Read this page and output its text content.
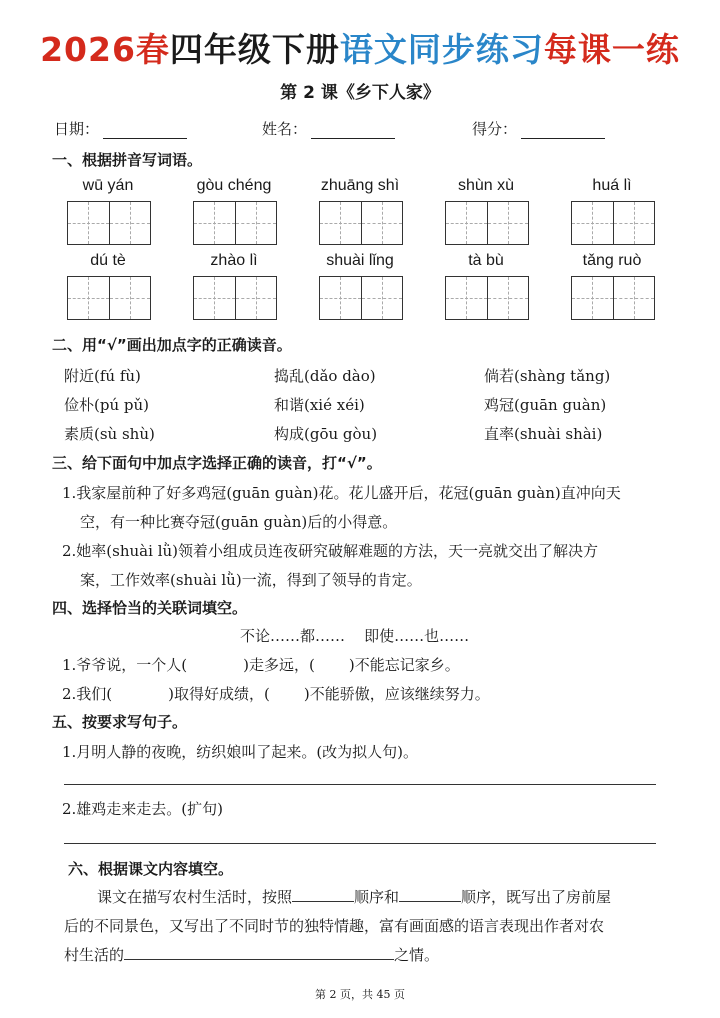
2026春四年级下册语文同步练习每课一练
第 2 课《乡下人家》
日期：	姓名：	得分：
一、根据拼音写词语。
wū yán	gòu chéng	zhuāng shì	shùn xù	huá lì
dú tè	zhào lì	shuài lǐng	tà bù	tǎng ruò
二、用“√”画出加点字的正确读音。
附近(fú fù)	捣乱(dǎo dào)	倘若(shàng tǎng)
俭朴(pú pǔ)	和谐(xié xéi)	鸡冠(guān guàn)
素质(sù shù)	构成(gōu gòu)	直率(shuài shài)
三、给下面句中加点字选择正确的读音，打“√”。
1.我家屋前种了好多鸡冠(guān guàn)花。花儿盛开后，花冠(guān guàn)直冲向天
空，有一种比赛夺冠(guān guàn)后的小得意。
2.她率(shuài lǜ)领着小组成员连夜研究破解难题的方法，天一亮就交出了解决方
案，工作效率(shuài lǜ)一流，得到了领导的肯定。
四、选择恰当的关联词填空。
不论……都……    即使……也……
1.爷爷说，一个人(	)走多远，( )不能忘记家乡。
2.我们(	)取得好成绩，( )不能骄傲，应该继续努力。
五、按要求写句子。
1.月明人静的夜晚，纺织娘叫了起来。(改为拟人句)。
2.雄鸡走来走去。(扩句)
六、根据课文内容填空。
课文在描写农村生活时，按照	顺序和	顺序，既写出了房前屋
后的不同景色，又写出了不同时节的独特情趣，富有画面感的语言表现出作者对农
村生活的	之情。
第 2 页，共 45 页
